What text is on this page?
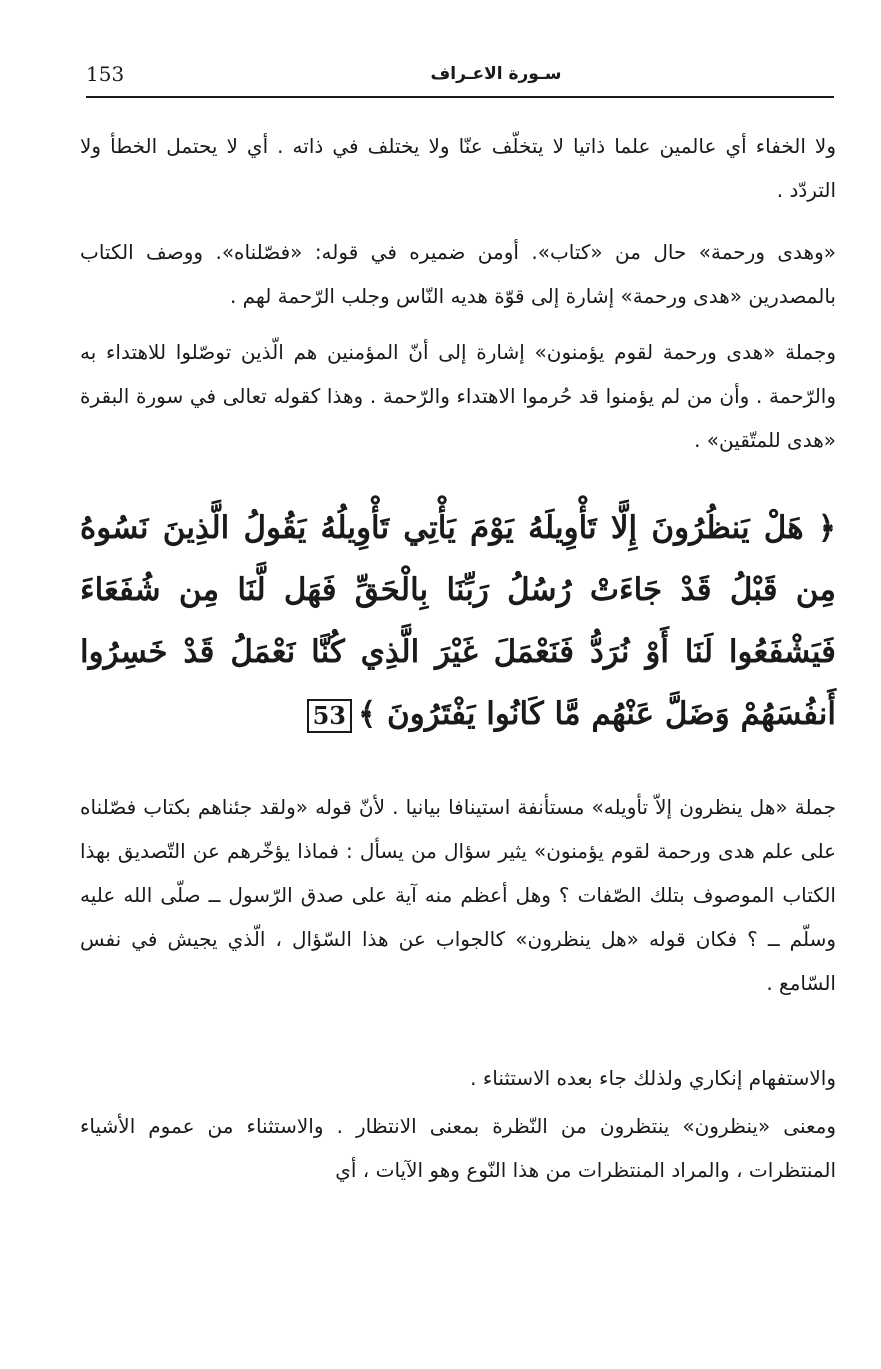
153	سـورة الاعـراف

ولا الخفاء أي عالمين علما ذاتيا لا يتخلّف عنّا ولا يختلف في ذاته . أي لا يحتمل الخطأ ولا التردّد .

«وهدى ورحمة» حال من «كتاب». أومن ضميره في قوله: «فصّلناه». ووصف الكتاب بالمصدرين «هدى ورحمة» إشارة إلى قوّة هديه النّاس وجلب الرّحمة لهم .

وجملة «هدى ورحمة لقوم يؤمنون» إشارة إلى أنّ المؤمنين هم الّذين توصّلوا للاهتداء به والرّحمة . وأن من لم يؤمنوا قد حُرموا الاهتداء والرّحمة . وهذا كقوله تعالى في سورة البقرة «هدى للمتّقين» .

﴿ هَلْ يَنظُرُونَ إِلَّا تَأْوِيلَهُ يَوْمَ يَأْتِي تَأْوِيلُهُ يَقُولُ الَّذِينَ نَسُوهُ مِن قَبْلُ قَدْ جَاءَتْ رُسُلُ رَبِّنَا بِالْحَقِّ فَهَل لَّنَا مِن شُفَعَاءَ فَيَشْفَعُوا لَنَا أَوْ نُرَدُّ فَنَعْمَلَ غَيْرَ الَّذِي كُنَّا نَعْمَلُ قَدْ خَسِرُوا أَنفُسَهُمْ وَضَلَّ عَنْهُم مَّا كَانُوا يَفْتَرُونَ ﴾53

جملة «هل ينظرون إلاّ تأويله» مستأنفة استينافا بيانيا . لأنّ قوله «ولقد جئناهم بكتاب فصّلناه على علم هدى ورحمة لقوم يؤمنون» يثير سؤال من يسأل : فماذا يؤخّرهم عن التّصديق بهذا الكتاب الموصوف بتلك الصّفات ؟ وهل أعظم منه آية على صدق الرّسول ــ صلّى الله عليه وسلّم ــ ؟ فكان قوله «هل ينظرون» كالجواب عن هذا السّؤال ، الّذي يجيش في نفس السّامع .

والاستفهام إنكاري ولذلك جاء بعده الاستثناء .

ومعنى «ينظرون» ينتظرون من النّظرة بمعنى الانتظار . والاستثناء من عموم الأشياء المنتظرات ، والمراد المنتظرات من هذا النّوع وهو الآيات ، أي
